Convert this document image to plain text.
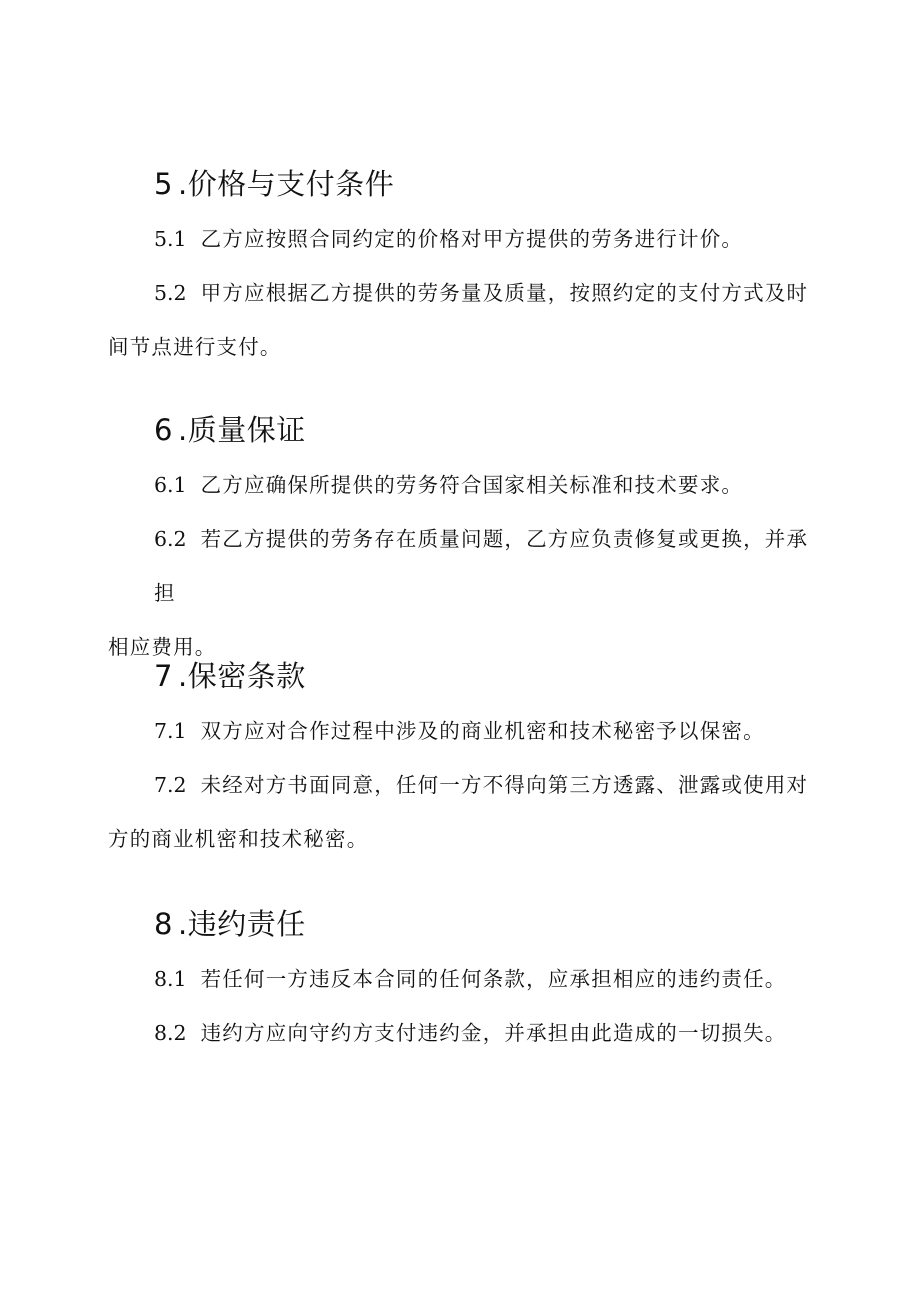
5 .价格与支付条件

5.1 乙方应按照合同约定的价格对甲方提供的劳务进行计价。

5.2 甲方应根据乙方提供的劳务量及质量，按照约定的支付方式及时
间节点进行支付。

6 .质量保证

6.1 乙方应确保所提供的劳务符合国家相关标准和技术要求。

6.2 若乙方提供的劳务存在质量问题，乙方应负责修复或更换，并承担
相应费用。

7 .保密条款

7.1 双方应对合作过程中涉及的商业机密和技术秘密予以保密。

7.2 未经对方书面同意，任何一方不得向第三方透露、泄露或使用对
方的商业机密和技术秘密。

8 .违约责任

8.1 若任何一方违反本合同的任何条款，应承担相应的违约责任。

8.2 违约方应向守约方支付违约金，并承担由此造成的一切损失。
